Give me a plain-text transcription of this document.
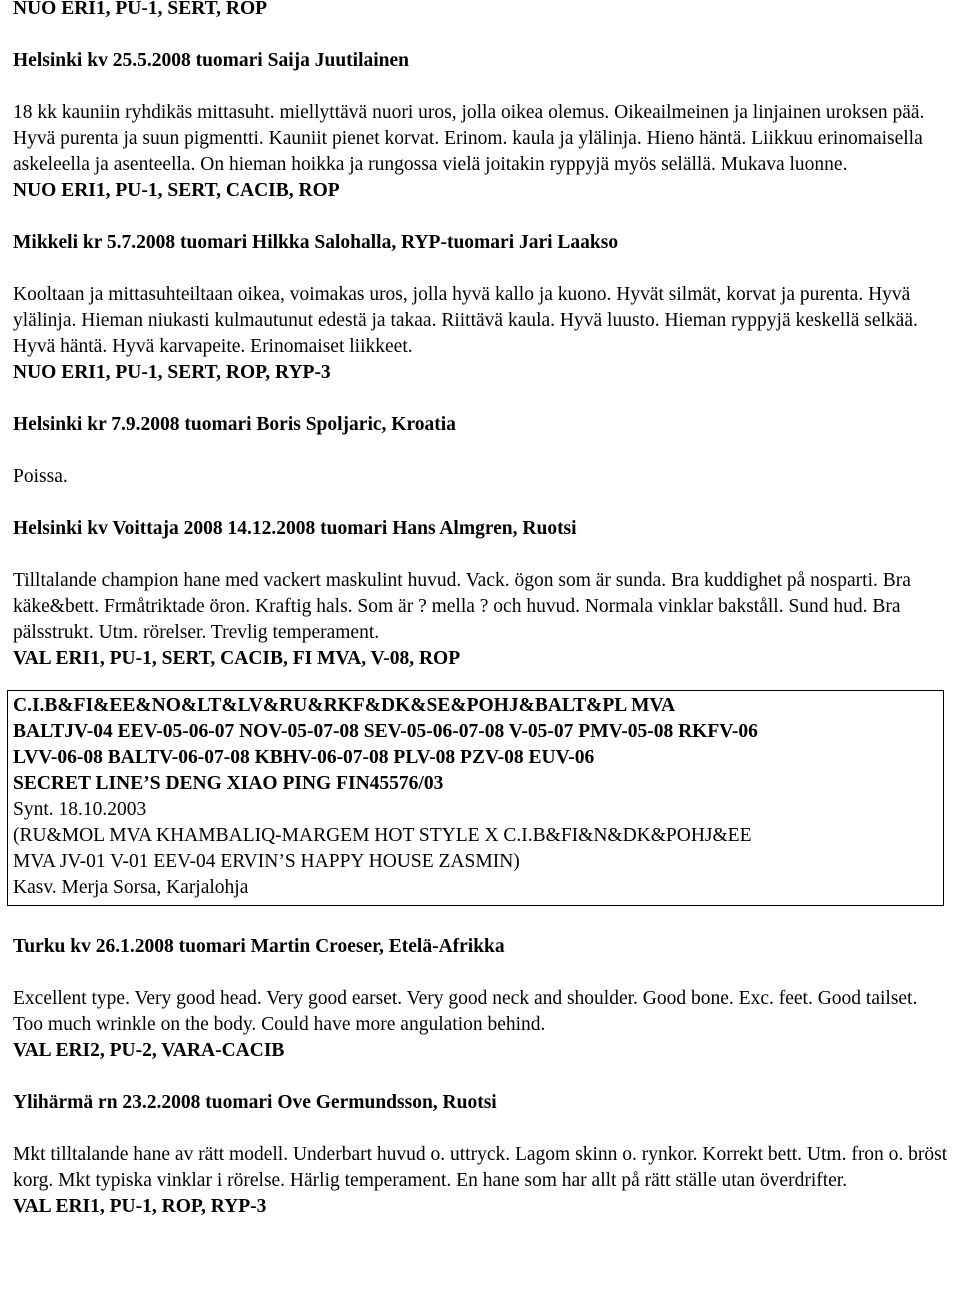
NUO ERI1, PU-1, SERT, ROP

Helsinki kv 25.5.2008 tuomari Saija Juutilainen

18 kk kauniin ryhdikäs mittasuht. miellyttävä nuori uros, jolla oikea olemus. Oikeailmeinen ja linjainen uroksen pää. Hyvä purenta ja suun pigmentti. Kauniit pienet korvat. Erinom. kaula ja ylälinja. Hieno häntä. Liikkuu erinomaisella askeleella ja asenteella. On hieman hoikka ja rungossa vielä joitakin ryppyjä myös selällä. Mukava luonne.

NUO ERI1, PU-1, SERT, CACIB, ROP

Mikkeli kr 5.7.2008 tuomari Hilkka Salohalla, RYP-tuomari Jari Laakso

Kooltaan ja mittasuhteiltaan oikea, voimakas uros, jolla hyvä kallo ja kuono. Hyvät silmät, korvat ja purenta. Hyvä ylälinja. Hieman niukasti kulmautunut edestä ja takaa. Riittävä kaula. Hyvä luusto. Hieman ryppyjä keskellä selkää. Hyvä häntä. Hyvä karvapeite. Erinomaiset liikkeet.

NUO ERI1, PU-1, SERT, ROP, RYP-3

Helsinki kr 7.9.2008 tuomari Boris Spoljaric, Kroatia

Poissa.

Helsinki kv Voittaja 2008 14.12.2008 tuomari Hans Almgren, Ruotsi

Tilltalande champion hane med vackert maskulint huvud. Vack. ögon som är sunda. Bra kuddighet på nosparti. Bra käke&bett. Frmåtriktade öron. Kraftig hals. Som är ? mella ? och huvud. Normala vinklar bakståll. Sund hud. Bra pälsstrukt. Utm. rörelser. Trevlig temperament.

VAL ERI1, PU-1, SERT, CACIB, FI MVA, V-08, ROP

C.I.B&FI&EE&NO&LT&LV&RU&RKF&DK&SE&POHJ&BALT&PL MVA

BALTJV-04 EEV-05-06-07 NOV-05-07-08 SEV-05-06-07-08 V-05-07 PMV-05-08 RKFV-06

LVV-06-08 BALTV-06-07-08 KBHV-06-07-08 PLV-08 PZV-08 EUV-06

SECRET LINE’S DENG XIAO PING FIN45576/03

Synt. 18.10.2003

(RU&MOL MVA KHAMBALIQ-MARGEM HOT STYLE X C.I.B&FI&N&DK&POHJ&EE

MVA JV-01 V-01 EEV-04 ERVIN’S HAPPY HOUSE ZASMIN)

Kasv. Merja Sorsa, Karjalohja

Turku kv 26.1.2008 tuomari Martin Croeser, Etelä-Afrikka

Excellent type. Very good head. Very good earset. Very good neck and shoulder. Good bone. Exc. feet. Good tailset. Too much wrinkle on the body. Could have more angulation behind.

VAL ERI2, PU-2, VARA-CACIB

Ylihärmä rn 23.2.2008 tuomari Ove Germundsson, Ruotsi

Mkt tilltalande hane av rätt modell. Underbart huvud o. uttryck. Lagom skinn o. rynkor. Korrekt bett. Utm. fron o. bröst korg. Mkt typiska vinklar i rörelse. Härlig temperament. En hane som har allt på rätt ställe utan överdrifter.

VAL ERI1, PU-1, ROP, RYP-3
